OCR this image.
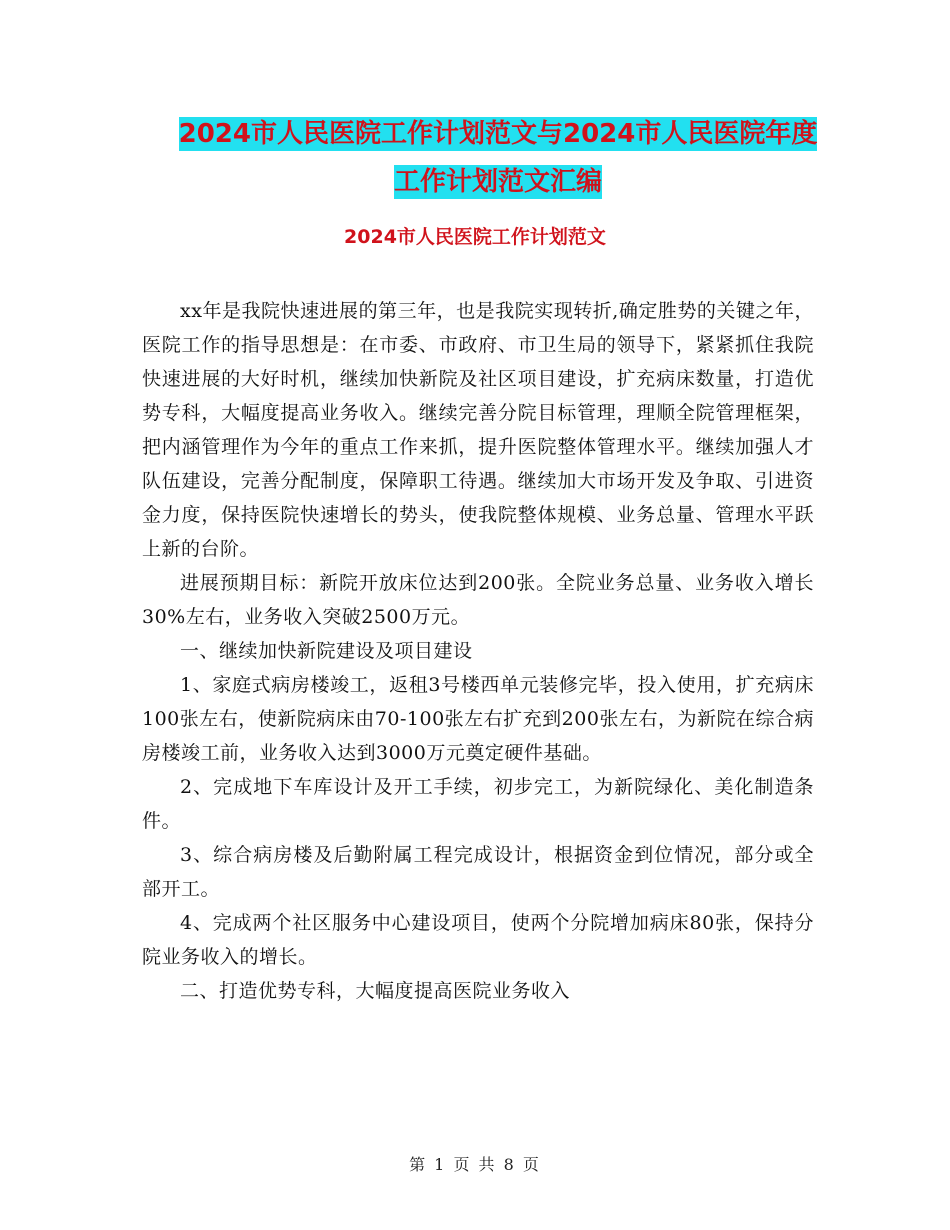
2024市人民医院工作计划范文与2024市人民医院年度
工作计划范文汇编
2024市人民医院工作计划范文

xx年是我院快速进展的第三年，也是我院实现转折,确定胜势的关键之年，医院工作的指导思想是：在市委、市政府、市卫生局的领导下，紧紧抓住我院快速进展的大好时机，继续加快新院及社区项目建设，扩充病床数量，打造优势专科，大幅度提高业务收入。继续完善分院目标管理，理顺全院管理框架，把内涵管理作为今年的重点工作来抓，提升医院整体管理水平。继续加强人才队伍建设，完善分配制度，保障职工待遇。继续加大市场开发及争取、引进资金力度，保持医院快速增长的势头，使我院整体规模、业务总量、管理水平跃上新的台阶。

进展预期目标：新院开放床位达到200张。全院业务总量、业务收入增长30%左右，业务收入突破2500万元。

一、继续加快新院建设及项目建设

1、家庭式病房楼竣工，返租3号楼西单元装修完毕，投入使用，扩充病床100张左右，使新院病床由70-100张左右扩充到200张左右，为新院在综合病房楼竣工前，业务收入达到3000万元奠定硬件基础。

2、完成地下车库设计及开工手续，初步完工，为新院绿化、美化制造条件。

3、综合病房楼及后勤附属工程完成设计，根据资金到位情况，部分或全部开工。

4、完成两个社区服务中心建设项目，使两个分院增加病床80张，保持分院业务收入的增长。

二、打造优势专科，大幅度提高医院业务收入

第 1 页 共 8 页
